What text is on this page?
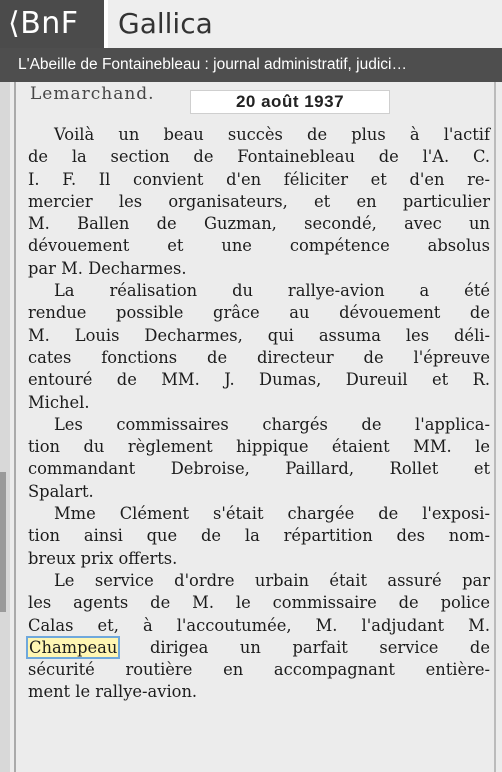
⟨BnF	Gallica
L'Abeille de Fontainebleau : journal administratif, judici…
Lemarchand.	20 août 1937

Voilà un beau succès de plus à l'actif
de la section de Fontainebleau de l'A. C.
I. F. Il convient d'en féliciter et d'en re-
mercier les organisateurs, et en particulier
M. Ballen de Guzman, secondé, avec un
dévouement et une compétence absolus
par M. Decharmes.

La réalisation du rallye-avion a été
rendue possible grâce au dévouement de
M. Louis Decharmes, qui assuma les déli-
cates fonctions de directeur de l'épreuve
entouré de MM. J. Dumas, Dureuil et R.
Michel.

Les commissaires chargés de l'applica-
tion du règlement hippique étaient MM. le
commandant Debroise, Paillard, Rollet et
Spalart.

Mme Clément s'était chargée de l'exposi-
tion ainsi que de la répartition des nom-
breux prix offerts.

Le service d'ordre urbain était assuré par
les agents de M. le commissaire de police
Calas et, à l'accoutumée, M. l'adjudant M.
Champeau dirigea un parfait service de
sécurité routière en accompagnant entière-
ment le rallye-avion.
